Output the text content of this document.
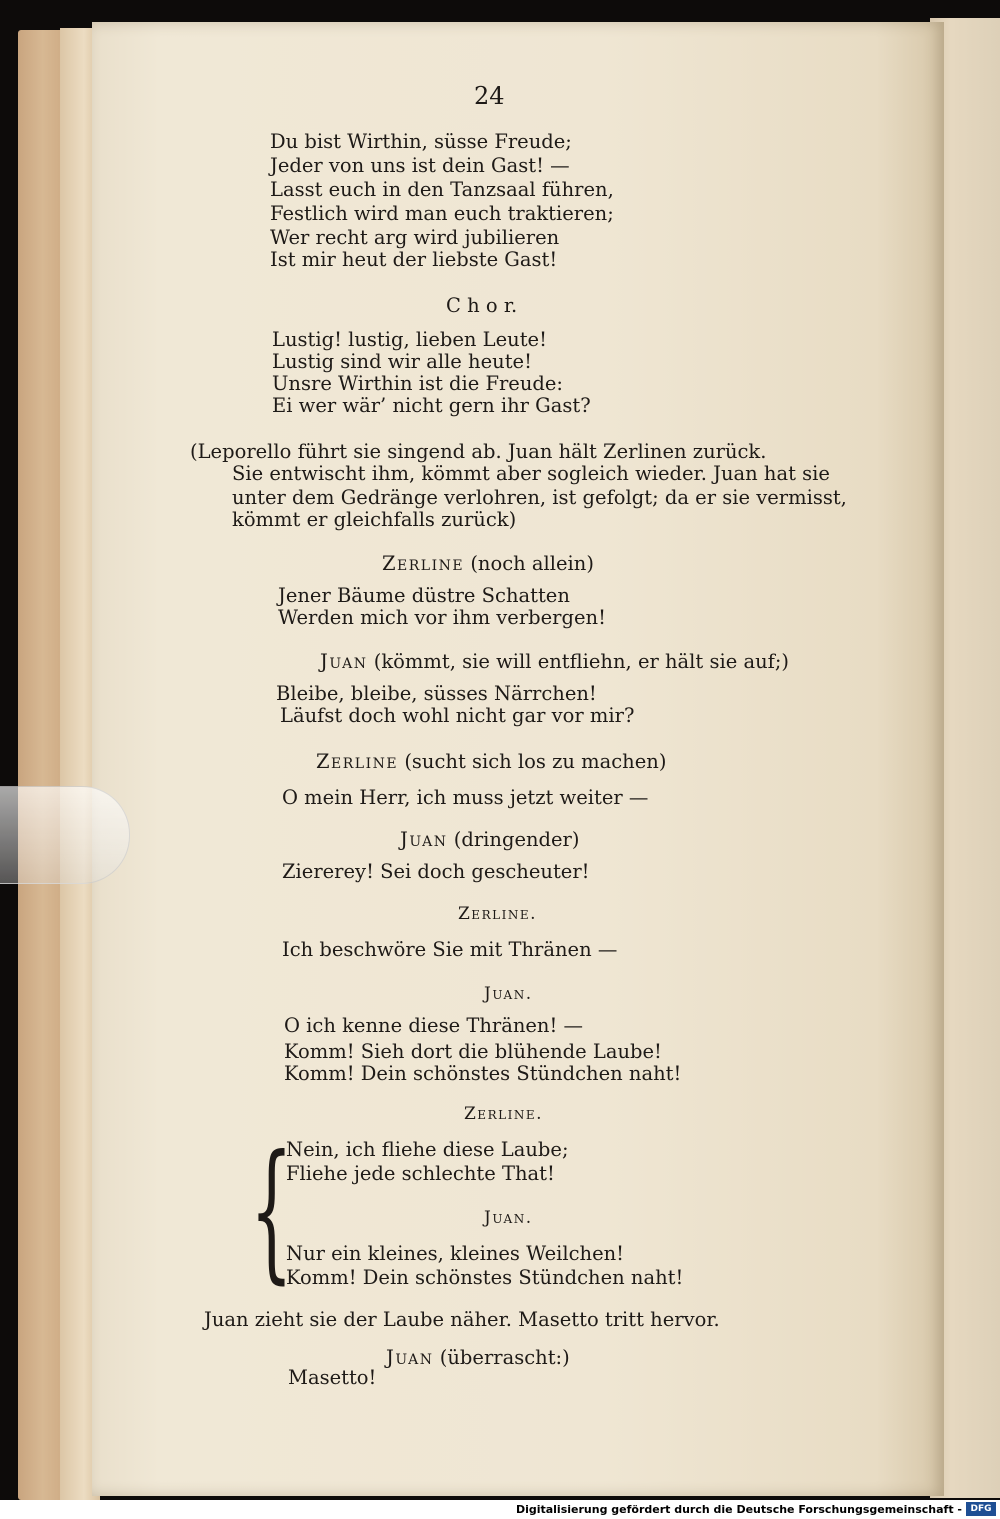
24
Du bist Wirthin, süsse Freude;
Jeder von uns ist dein Gast! —
Lasst euch in den Tanzsaal führen,
Festlich wird man euch traktieren;
Wer recht arg wird jubilieren
Ist mir heut der liebste Gast!
C h o r.
Lustig! lustig, lieben Leute!
Lustig sind wir alle heute!
Unsre Wirthin ist die Freude:
Ei wer wär’ nicht gern ihr Gast?
(Leporello führt sie singend ab. Juan hält Zerlinen zurück.
Sie entwischt ihm, kömmt aber sogleich wieder. Juan hat sie
unter dem Gedränge verlohren, ist gefolgt; da er sie vermisst,
kömmt er gleichfalls zurück)
Zerline (noch allein)
Jener Bäume düstre Schatten
Werden mich vor ihm verbergen!
Juan (kömmt, sie will entfliehn, er hält sie auf;)
Bleibe, bleibe, süsses Närrchen!
Läufst doch wohl nicht gar vor mir?
Zerline (sucht sich los zu machen)
O mein Herr, ich muss jetzt weiter —
Juan (dringender)
Ziererey! Sei doch gescheuter!
Zerline.
Ich beschwöre Sie mit Thränen —
Juan.
O ich kenne diese Thränen! —
Komm! Sieh dort die blühende Laube!
Komm! Dein schönstes Stündchen naht!
Zerline.
{
Nein, ich fliehe diese Laube;
Fliehe jede schlechte That!
Juan.
Nur ein kleines, kleines Weilchen!
Komm! Dein schönstes Stündchen naht!
Juan zieht sie der Laube näher. Masetto tritt hervor.
Juan (überrascht:)
Masetto!
Digitalisierung gefördert durch die Deutsche Forschungsgemeinschaft - DFG
